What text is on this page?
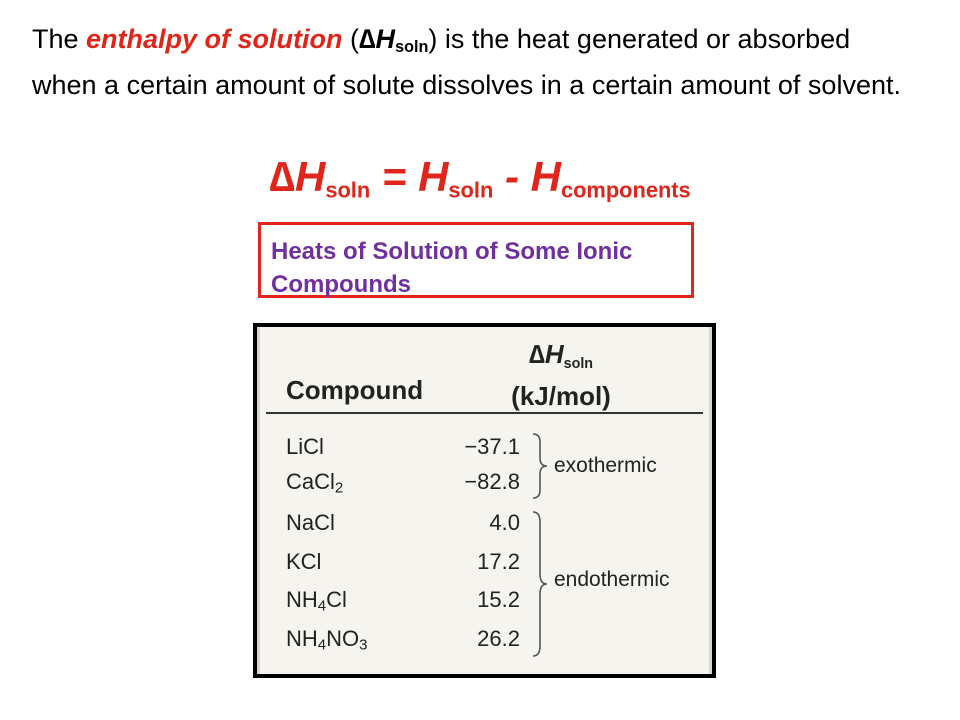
The enthalpy of solution $(\Delta H_{soln})$ is the heat generated or absorbed when a certain amount of solute dissolves in a certain amount of solvent.

$\Delta H_{soln} = H_{soln} - H_{components}$
Heats of Solution of Some Ionic Compounds
Compound
$\Delta H_{soln}$
(kJ/mol)
LiCl	−37.1
CaCl$_2$	−82.8
NaCl	4.0
KCl	17.2
$NH_4Cl$	15.2
$NH_4NO_3$	26.2
exothermic
endothermic
